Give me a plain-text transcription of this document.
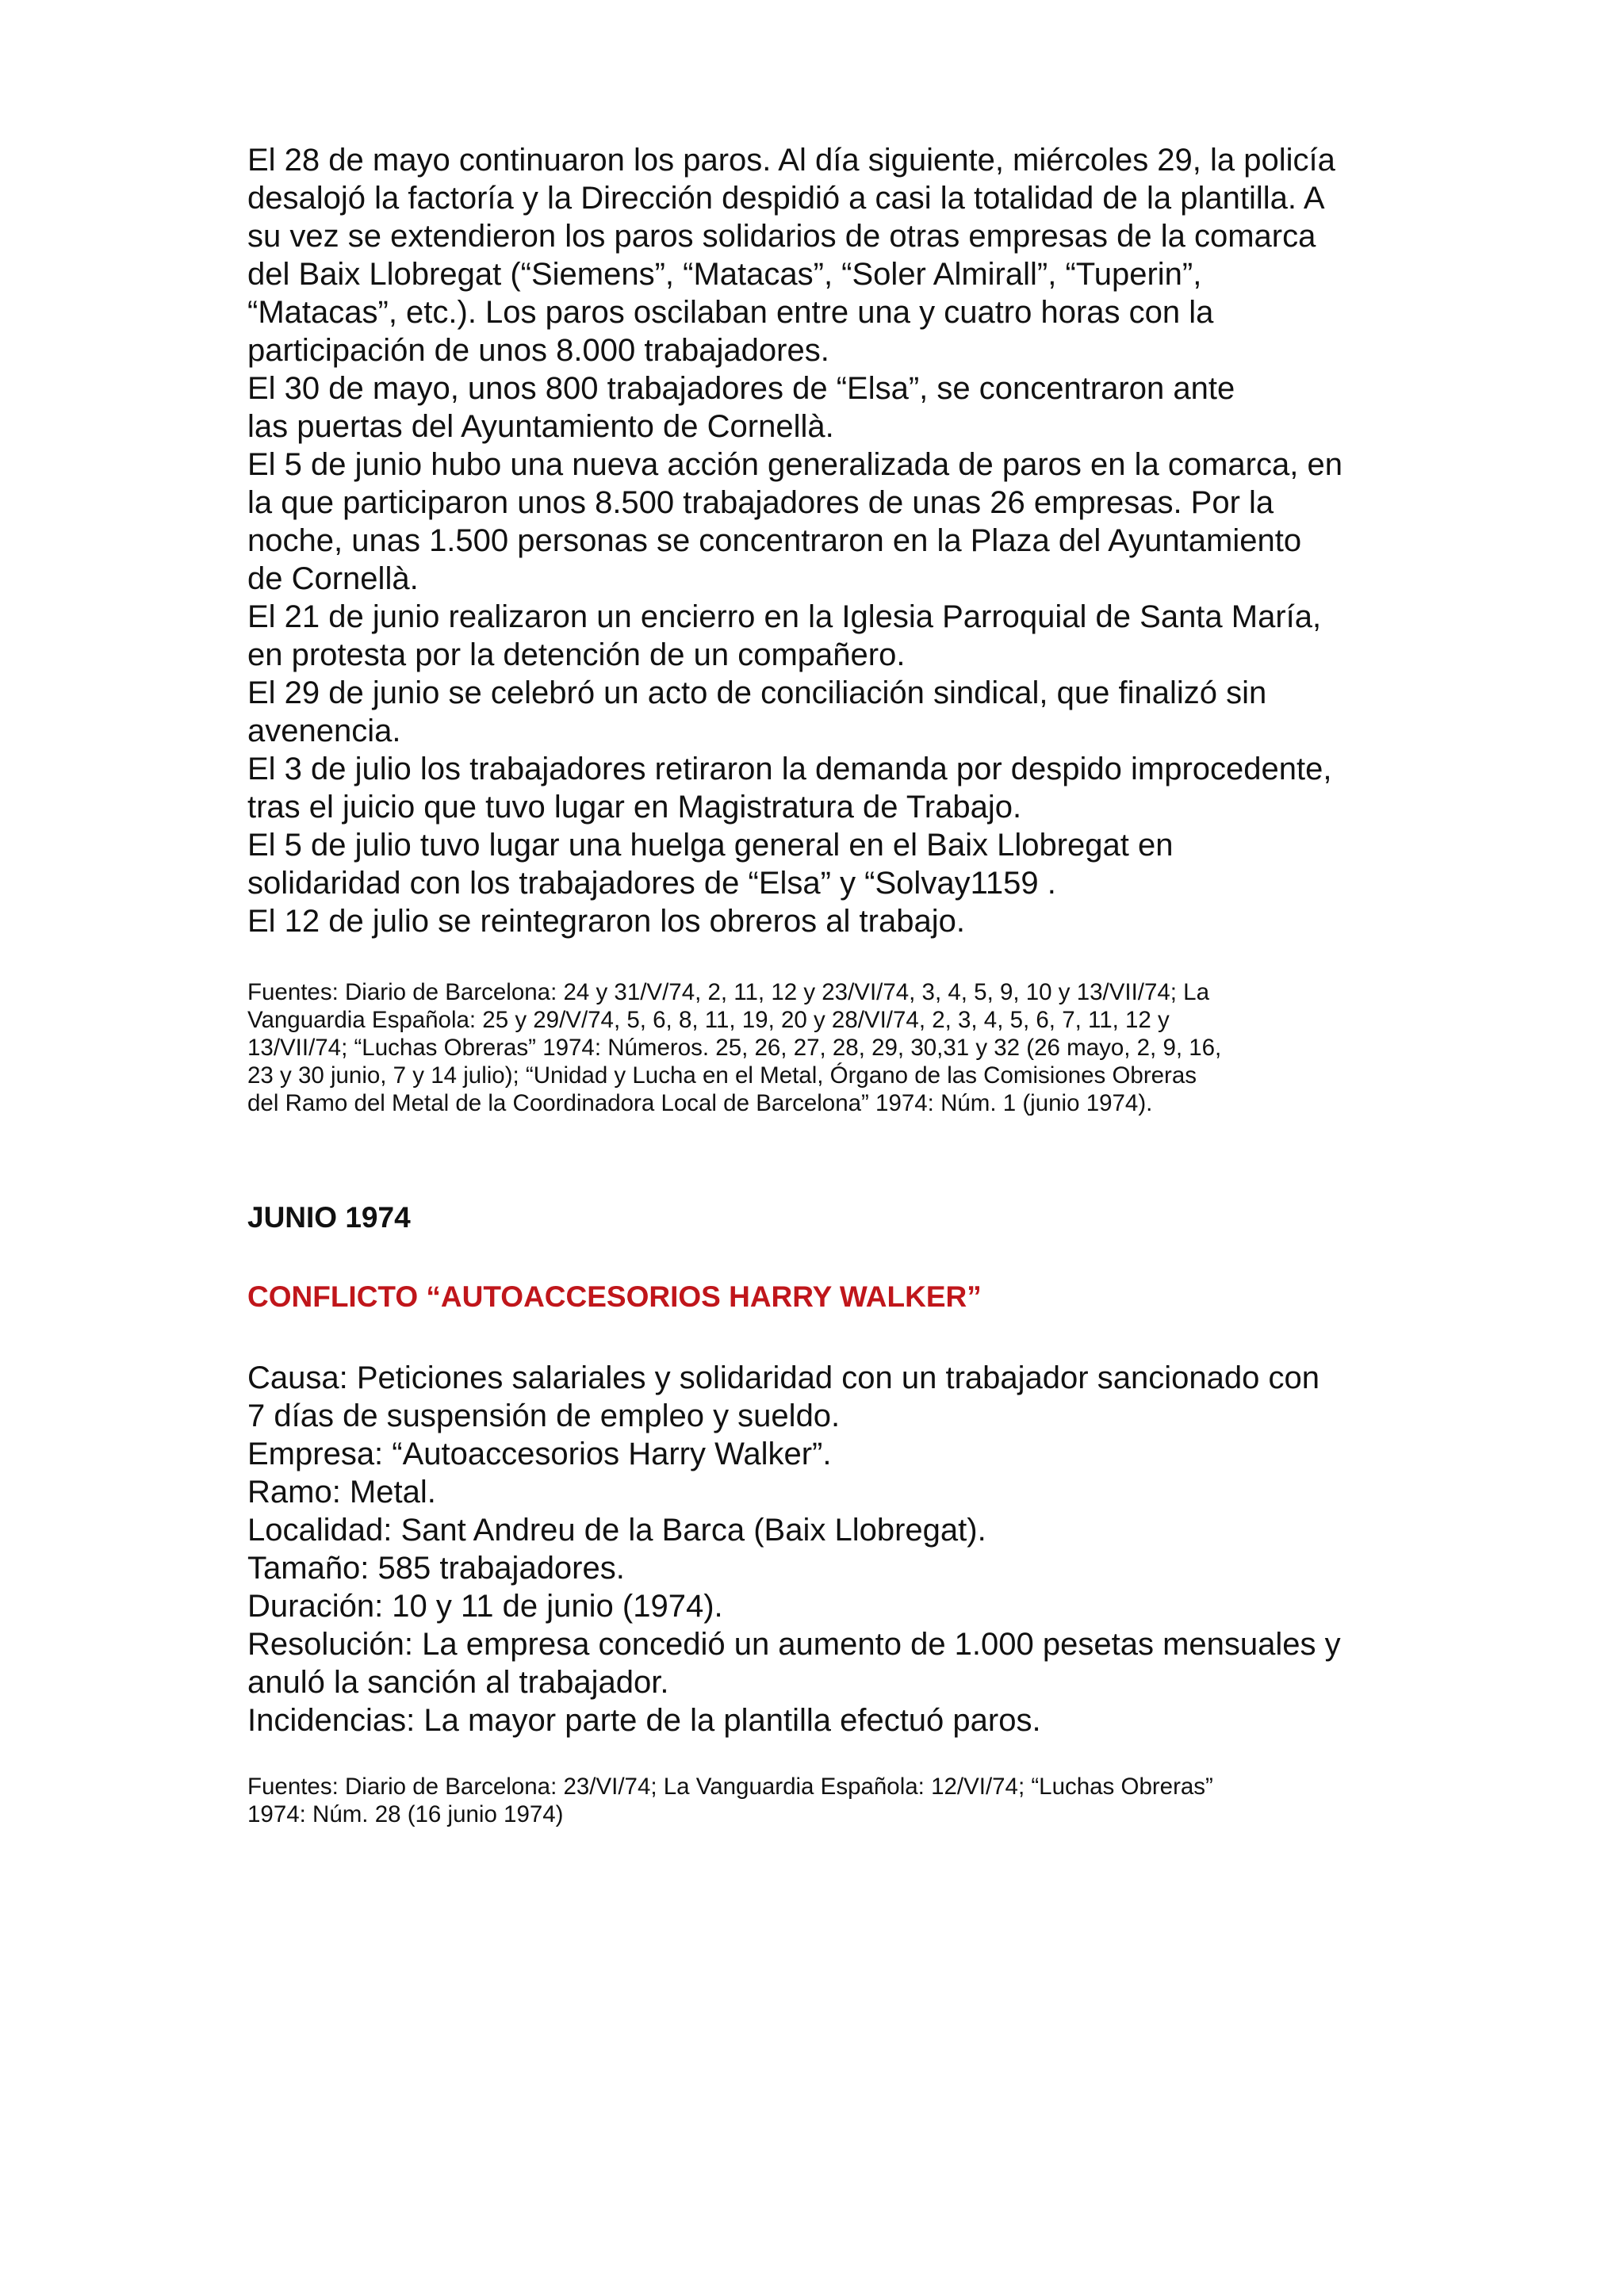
El 28 de mayo continuaron los paros. Al día siguiente, miércoles 29, la policía
desalojó la factoría y la Dirección despidió a casi la totalidad de la plantilla. A
su vez se extendieron los paros solidarios de otras empresas de la comarca
del Baix Llobregat (“Siemens”, “Matacas”, “Soler Almirall”, “Tuperin”,
“Matacas”, etc.). Los paros oscilaban entre una y cuatro horas con la
participación de unos 8.000 trabajadores.
El 30 de mayo, unos 800 trabajadores de “Elsa”, se concentraron ante
las puertas del Ayuntamiento de Cornellà.
El 5 de junio hubo una nueva acción generalizada de paros en la comarca, en
la que participaron unos 8.500 trabajadores de unas 26 empresas. Por la
noche, unas 1.500 personas se concentraron en la Plaza del Ayuntamiento
de Cornellà.
El 21 de junio realizaron un encierro en la Iglesia Parroquial de Santa María,
en protesta por la detención de un compañero.
El 29 de junio se celebró un acto de conciliación sindical, que finalizó sin
avenencia.
El 3 de julio los trabajadores retiraron la demanda por despido improcedente,
tras el juicio que tuvo lugar en Magistratura de Trabajo.
El 5 de julio tuvo lugar una huelga general en el Baix Llobregat en
solidaridad con los trabajadores de “Elsa” y “Solvay1159 .
El 12 de julio se reintegraron los obreros al trabajo.
Fuentes: Diario de Barcelona: 24 y 31/V/74, 2, 11, 12 y 23/VI/74, 3, 4, 5, 9, 10 y 13/VII/74; La
Vanguardia Española: 25 y 29/V/74, 5, 6, 8, 11, 19, 20 y 28/VI/74, 2, 3, 4, 5, 6, 7, 11, 12 y
13/VII/74; “Luchas Obreras” 1974: Números. 25, 26, 27, 28, 29, 30,31 y 32 (26 mayo, 2, 9, 16,
23 y 30 junio, 7 y 14 julio); “Unidad y Lucha en el Metal, Órgano de las Comisiones Obreras
del Ramo del Metal de la Coordinadora Local de Barcelona” 1974: Núm. 1 (junio 1974).
JUNIO 1974
CONFLICTO “AUTOACCESORIOS HARRY WALKER”
Causa: Peticiones salariales y solidaridad con un trabajador sancionado con
7 días de suspensión de empleo y sueldo.
Empresa: “Autoaccesorios Harry Walker”.
Ramo: Metal.
Localidad: Sant Andreu de la Barca (Baix Llobregat).
Tamaño: 585 trabajadores.
Duración: 10 y 11 de junio (1974).
Resolución: La empresa concedió un aumento de 1.000 pesetas mensuales y
anuló la sanción al trabajador.
Incidencias: La mayor parte de la plantilla efectuó paros.
Fuentes: Diario de Barcelona: 23/VI/74; La Vanguardia Española: 12/VI/74; “Luchas Obreras”
1974: Núm. 28 (16 junio 1974)
